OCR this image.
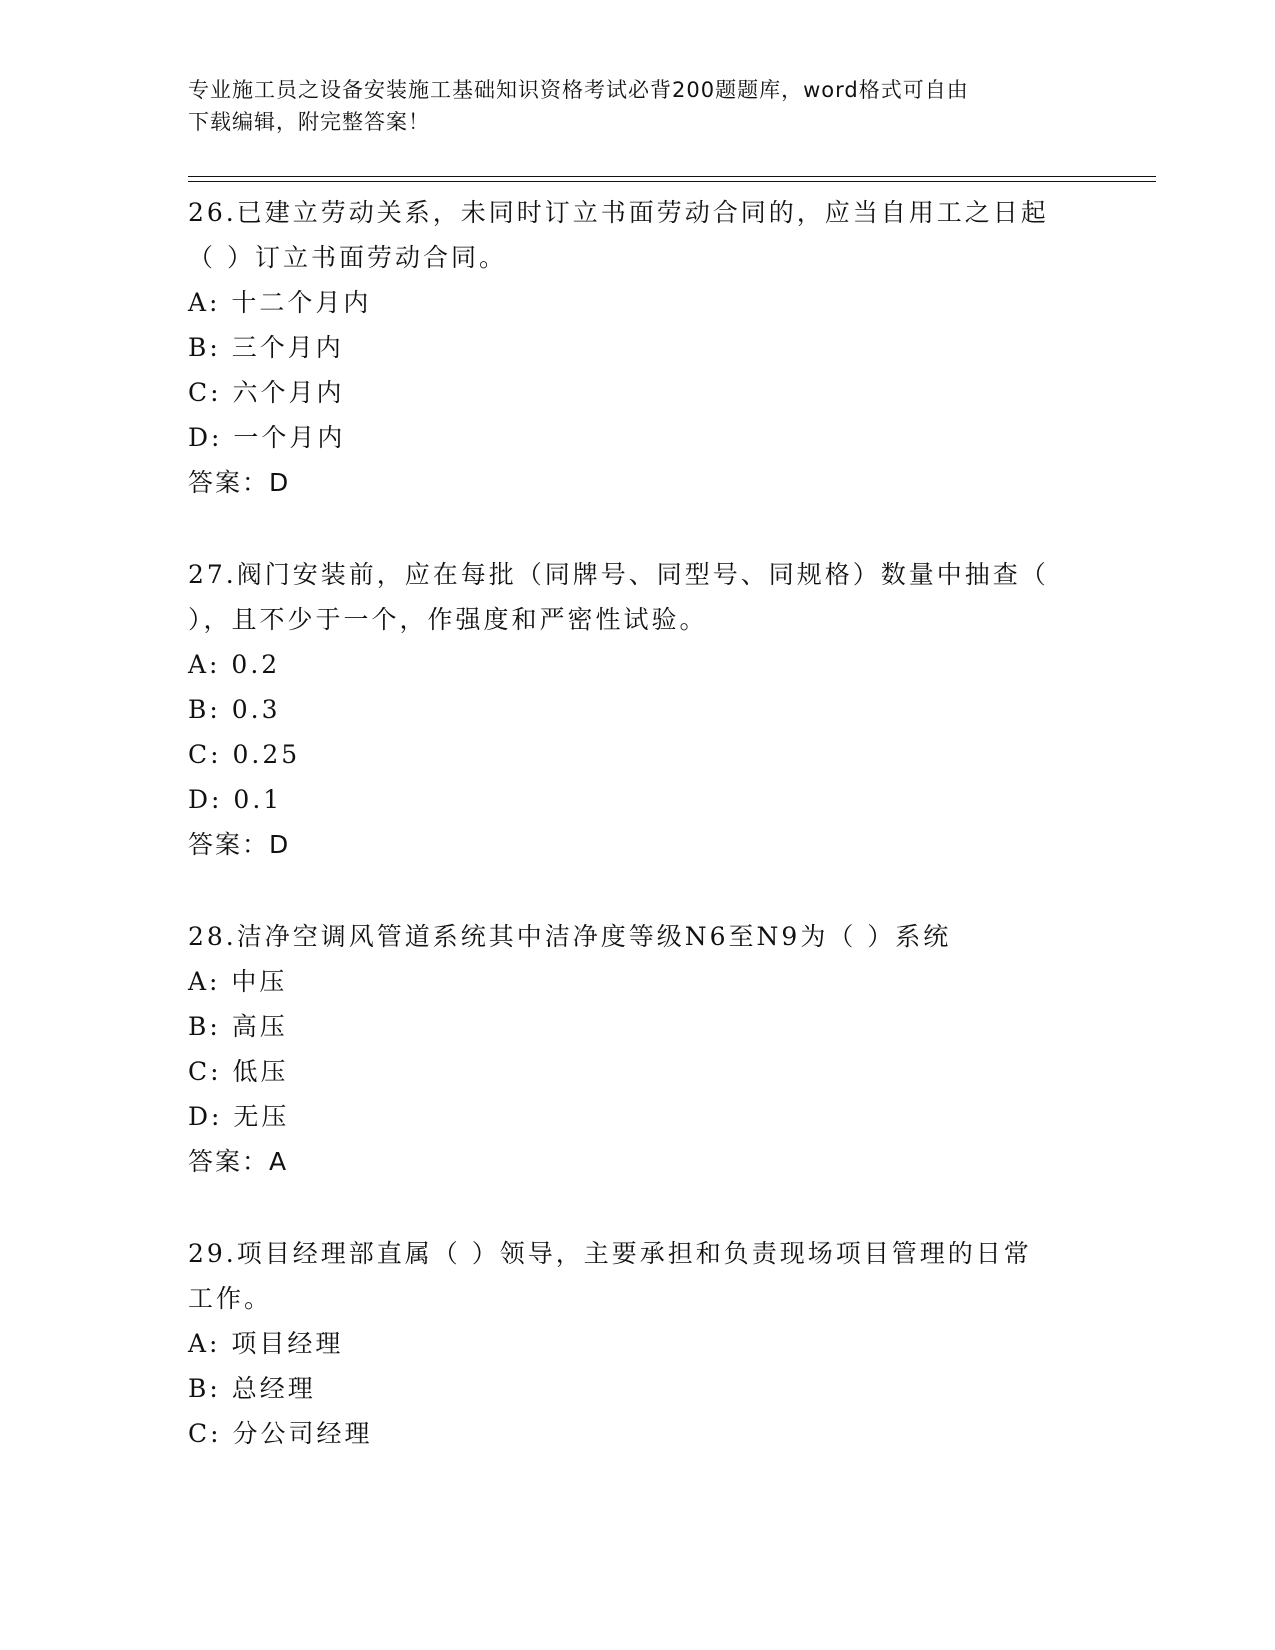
专业施工员之设备安装施工基础知识资格考试必背200题题库，word格式可自由
下载编辑，附完整答案！
26.已建立劳动关系，未同时订立书面劳动合同的，应当自用工之日起
（ ）订立书面劳动合同。
A: 十二个月内
B: 三个月内
C: 六个月内
D: 一个月内
答案：D
27.阀门安装前，应在每批（同牌号、同型号、同规格）数量中抽查（
），且不少于一个，作强度和严密性试验。
A: 0.2
B: 0.3
C: 0.25
D: 0.1
答案：D
28.洁净空调风管道系统其中洁净度等级N6至N9为（ ）系统
A: 中压
B: 高压
C: 低压
D: 无压
答案：A
29.项目经理部直属（ ）领导，主要承担和负责现场项目管理的日常
工作。
A: 项目经理
B: 总经理
C: 分公司经理
